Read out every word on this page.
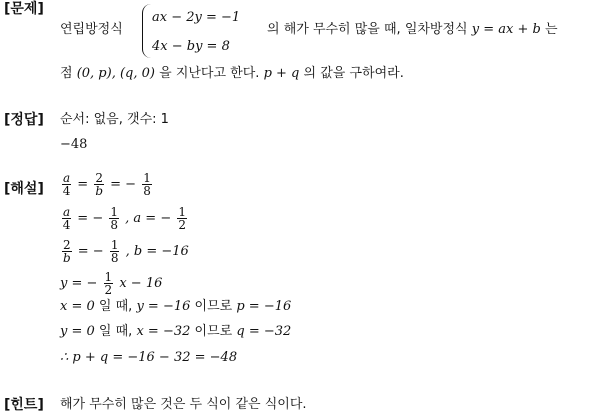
[문제]
연립방정식
ax − 2y = −1
4x − by = 8
의 해가 무수히 많을 때, 일차방정식 y = ax + b 는
점 (0, p), (q, 0) 을 지난다고 한다. p + q 의 값을 구하여라.
[정답] 순서: 없음, 갯수: 1
−48
[해설] $\frac{a}{4} = \frac{2}{b}$ = − $\frac{1}{8}$
$\frac{a}{4}$ = − $\frac{1}{8}$ , a = − $\frac{1}{2}$
$\frac{2}{b}$ = − $\frac{1}{8}$ , b = −16
y = − $\frac{1}{2}$ x − 16
x = 0 일 때, y = −16 이므로 p = −16
y = 0 일 때, x = −32 이므로 q = −32
∴ p + q = −16 − 32 = −48
[힌트] 해가 무수히 많은 것은 두 식이 같은 식이다.
